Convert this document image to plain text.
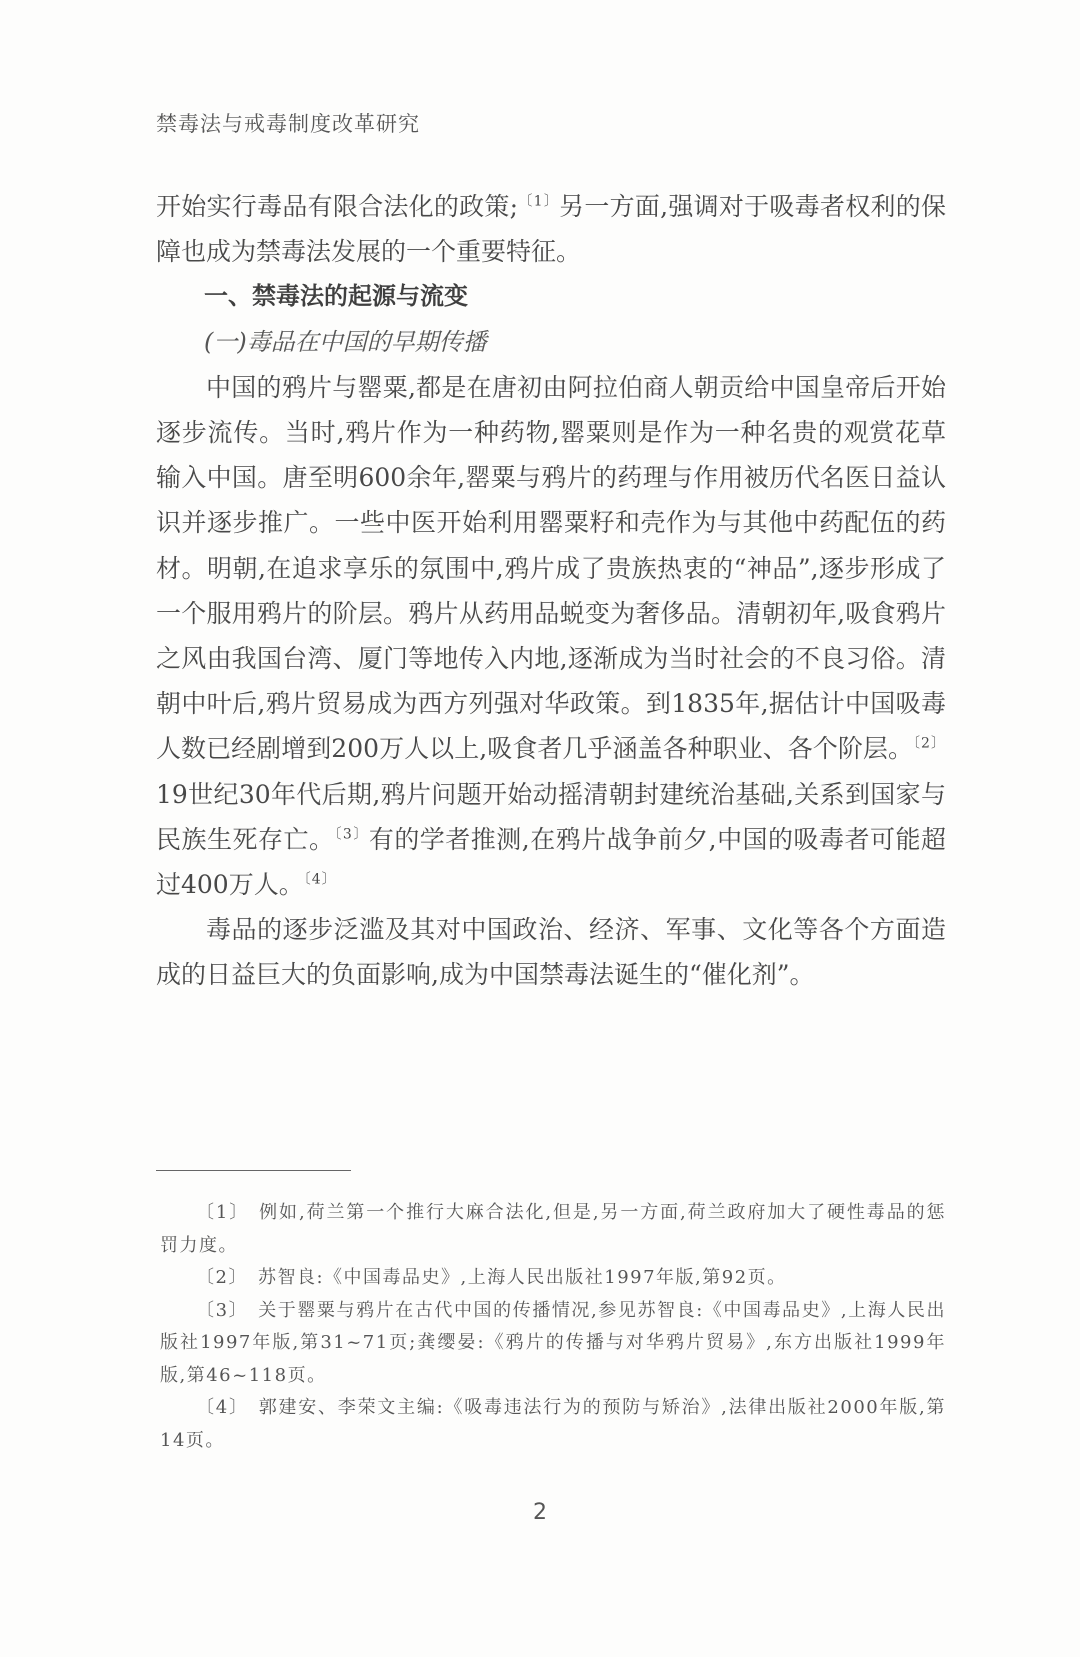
禁毒法与戒毒制度改革研究

开始实行毒品有限合法化的政策;$^{〔1〕}$另一方面,强调对于吸毒者权利的保障也成为禁毒法发展的一个重要特征。

一、禁毒法的起源与流变

(一)毒品在中国的早期传播

中国的鸦片与罂粟,都是在唐初由阿拉伯商人朝贡给中国皇帝后开始逐步流传。当时,鸦片作为一种药物,罂粟则是作为一种名贵的观赏花草输入中国。唐至明600余年,罂粟与鸦片的药理与作用被历代名医日益认识并逐步推广。一些中医开始利用罂粟籽和壳作为与其他中药配伍的药材。明朝,在追求享乐的氛围中,鸦片成了贵族热衷的“神品”,逐步形成了一个服用鸦片的阶层。鸦片从药用品蜕变为奢侈品。清朝初年,吸食鸦片之风由我国台湾、厦门等地传入内地,逐渐成为当时社会的不良习俗。清朝中叶后,鸦片贸易成为西方列强对华政策。到1835年,据估计中国吸毒人数已经剧增到200万人以上,吸食者几乎涵盖各种职业、各个阶层。$^{〔2〕}$ 19世纪30年代后期,鸦片问题开始动摇清朝封建统治基础,关系到国家与民族生死存亡。$^{〔3〕}$有的学者推测,在鸦片战争前夕,中国的吸毒者可能超过400万人。$^{〔4〕}$

毒品的逐步泛滥及其对中国政治、经济、军事、文化等各个方面造成的日益巨大的负面影响,成为中国禁毒法诞生的“催化剂”。

〔1〕 例如,荷兰第一个推行大麻合法化,但是,另一方面,荷兰政府加大了硬性毒品的惩罚力度。

〔2〕 苏智良:《中国毒品史》,上海人民出版社1997年版,第92页。

〔3〕 关于罂粟与鸦片在古代中国的传播情况,参见苏智良:《中国毒品史》,上海人民出版社1997年版,第31~71页;龚缨晏:《鸦片的传播与对华鸦片贸易》,东方出版社1999年版,第46~118页。

〔4〕 郭建安、李荣文主编:《吸毒违法行为的预防与矫治》,法律出版社2000年版,第14页。

2
